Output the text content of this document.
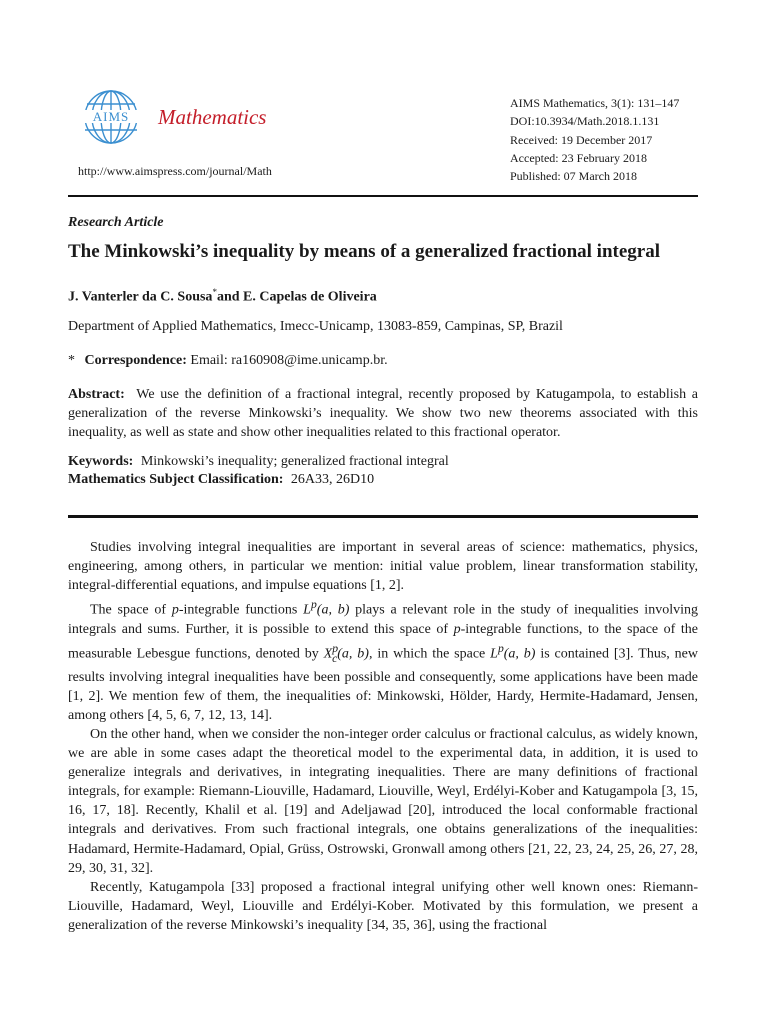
AIMS Mathematics
http://www.aimspress.com/journal/Math
AIMS Mathematics, 3(1): 131–147
DOI:10.3934/Math.2018.1.131
Received: 19 December 2017
Accepted: 23 February 2018
Published: 07 March 2018
Research Article
The Minkowski’s inequality by means of a generalized fractional integral
J. Vanterler da C. Sousa*and E. Capelas de Oliveira
Department of Applied Mathematics, Imecc-Unicamp, 13083-859, Campinas, SP, Brazil
* Correspondence: Email: ra160908@ime.unicamp.br.
Abstract: We use the definition of a fractional integral, recently proposed by Katugampola, to establish a generalization of the reverse Minkowski’s inequality. We show two new theorems associated with this inequality, as well as state and show other inequalities related to this fractional operator.
Keywords: Minkowski’s inequality; generalized fractional integral
Mathematics Subject Classification: 26A33, 26D10

Studies involving integral inequalities are important in several areas of science: mathematics, physics, engineering, among others, in particular we mention: initial value problem, linear transformation stability, integral-differential equations, and impulse equations [1, 2].

The space of p-integrable functions $L^p(a$, b) plays a relevant role in the study of inequalities involving integrals and sums. Further, it is possible to extend this space of p-integrable functions, to the space of the measurable Lebesgue functions, denoted by $X^p_c(a$, b), in which the space $L^p(a$, b) is contained [3]. Thus, new results involving integral inequalities have been possible and consequently, some applications have been made [1, 2]. We mention few of them, the inequalities of: Minkowski, Hölder, Hardy, Hermite-Hadamard, Jensen, among others [4, 5, 6, 7, 12, 13, 14].

On the other hand, when we consider the non-integer order calculus or fractional calculus, as widely known, we are able in some cases adapt the theoretical model to the experimental data, in addition, it is used to generalize integrals and derivatives, in integrating inequalities. There are many definitions of fractional integrals, for example: Riemann-Liouville, Hadamard, Liouville, Weyl, Erdélyi-Kober and Katugampola [3, 15, 16, 17, 18]. Recently, Khalil et al. [19] and Adeljawad [20], introduced the local conformable fractional integrals and derivatives. From such fractional integrals, one obtains generalizations of the inequalities: Hadamard, Hermite-Hadamard, Opial, Grüss, Ostrowski, Gronwall among others [21, 22, 23, 24, 25, 26, 27, 28, 29, 30, 31, 32].

Recently, Katugampola [33] proposed a fractional integral unifying other well known ones: Riemann-Liouville, Hadamard, Weyl, Liouville and Erdélyi-Kober. Motivated by this formulation, we present a generalization of the reverse Minkowski’s inequality [34, 35, 36], using the fractional
